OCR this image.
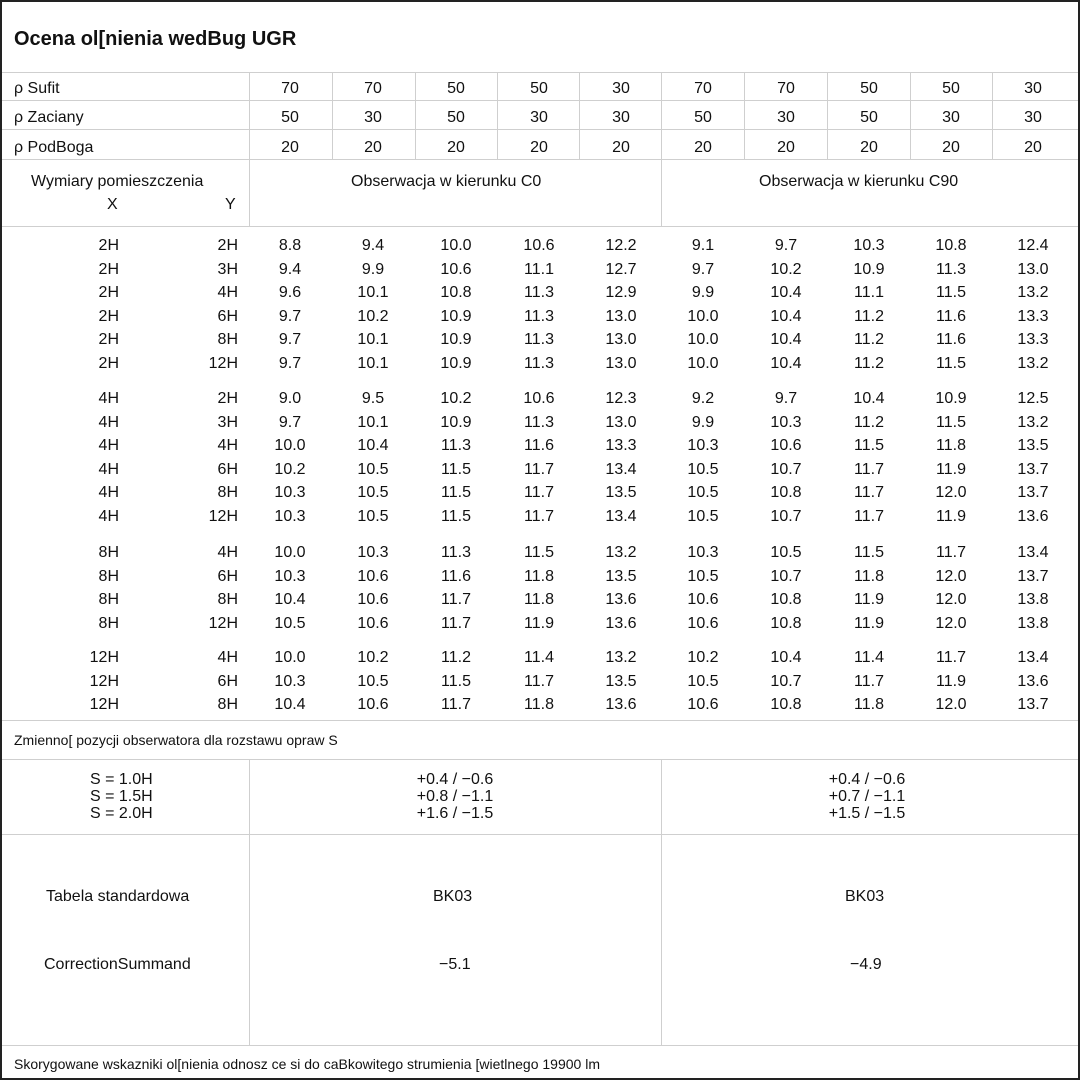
Ocena ol[nienia wedBug UGR
ρ Sufit	70	70	50	50	30	70	70	50	50	30
ρ Zaciany	50	30	50	30	30	50	30	50	30	30
ρ PodBoga	20	20	20	20	20	20	20	20	20	20
Wymiary pomieszczenia
X	Y
Obserwacja w kierunku C0	Obserwacja w kierunku C90
2H	2H	8.8	9.4	10.0	10.6	12.2	9.1	9.7	10.3	10.8	12.4
2H	3H	9.4	9.9	10.6	11.1	12.7	9.7	10.2	10.9	11.3	13.0
2H	4H	9.6	10.1	10.8	11.3	12.9	9.9	10.4	11.1	11.5	13.2
2H	6H	9.7	10.2	10.9	11.3	13.0	10.0	10.4	11.2	11.6	13.3
2H	8H	9.7	10.1	10.9	11.3	13.0	10.0	10.4	11.2	11.6	13.3
2H	12H	9.7	10.1	10.9	11.3	13.0	10.0	10.4	11.2	11.5	13.2
4H	2H	9.0	9.5	10.2	10.6	12.3	9.2	9.7	10.4	10.9	12.5
4H	3H	9.7	10.1	10.9	11.3	13.0	9.9	10.3	11.2	11.5	13.2
4H	4H	10.0	10.4	11.3	11.6	13.3	10.3	10.6	11.5	11.8	13.5
4H	6H	10.2	10.5	11.5	11.7	13.4	10.5	10.7	11.7	11.9	13.7
4H	8H	10.3	10.5	11.5	11.7	13.5	10.5	10.8	11.7	12.0	13.7
4H	12H	10.3	10.5	11.5	11.7	13.4	10.5	10.7	11.7	11.9	13.6
8H	4H	10.0	10.3	11.3	11.5	13.2	10.3	10.5	11.5	11.7	13.4
8H	6H	10.3	10.6	11.6	11.8	13.5	10.5	10.7	11.8	12.0	13.7
8H	8H	10.4	10.6	11.7	11.8	13.6	10.6	10.8	11.9	12.0	13.8
8H	12H	10.5	10.6	11.7	11.9	13.6	10.6	10.8	11.9	12.0	13.8
12H	4H	10.0	10.2	11.2	11.4	13.2	10.2	10.4	11.4	11.7	13.4
12H	6H	10.3	10.5	11.5	11.7	13.5	10.5	10.7	11.7	11.9	13.6
12H	8H	10.4	10.6	11.7	11.8	13.6	10.6	10.8	11.8	12.0	13.7
Zmienno[ pozycji obserwatora dla rozstawu opraw S
S = 1.0H	+0.4 / −0.6	+0.4 / −0.6
S = 1.5H	+0.8 / −1.1	+0.7 / −1.1
S = 2.0H	+1.6 / −1.5	+1.5 / −1.5
Tabela standardowa	BK03	BK03
CorrectionSummand	−5.1	−4.9
Skorygowane wskazniki ol[nienia odnosz ce si do caBkowitego strumienia [wietlnego 19900 lm
